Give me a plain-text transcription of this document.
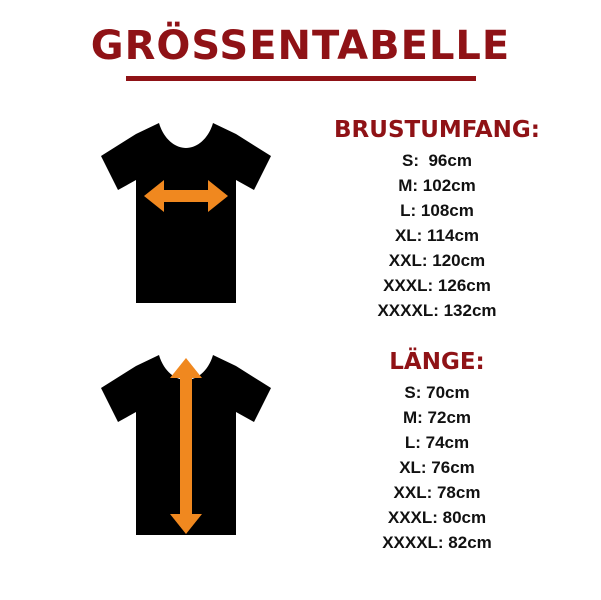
GRÖSSENTABELLE
BRUSTUMFANG:
S:  96cm
M: 102cm
L: 108cm
XL: 114cm
XXL: 120cm
XXXL: 126cm
XXXXL: 132cm
LÄNGE:
S: 70cm
M: 72cm
L: 74cm
XL: 76cm
XXL: 78cm
XXXL: 80cm
XXXXL: 82cm
